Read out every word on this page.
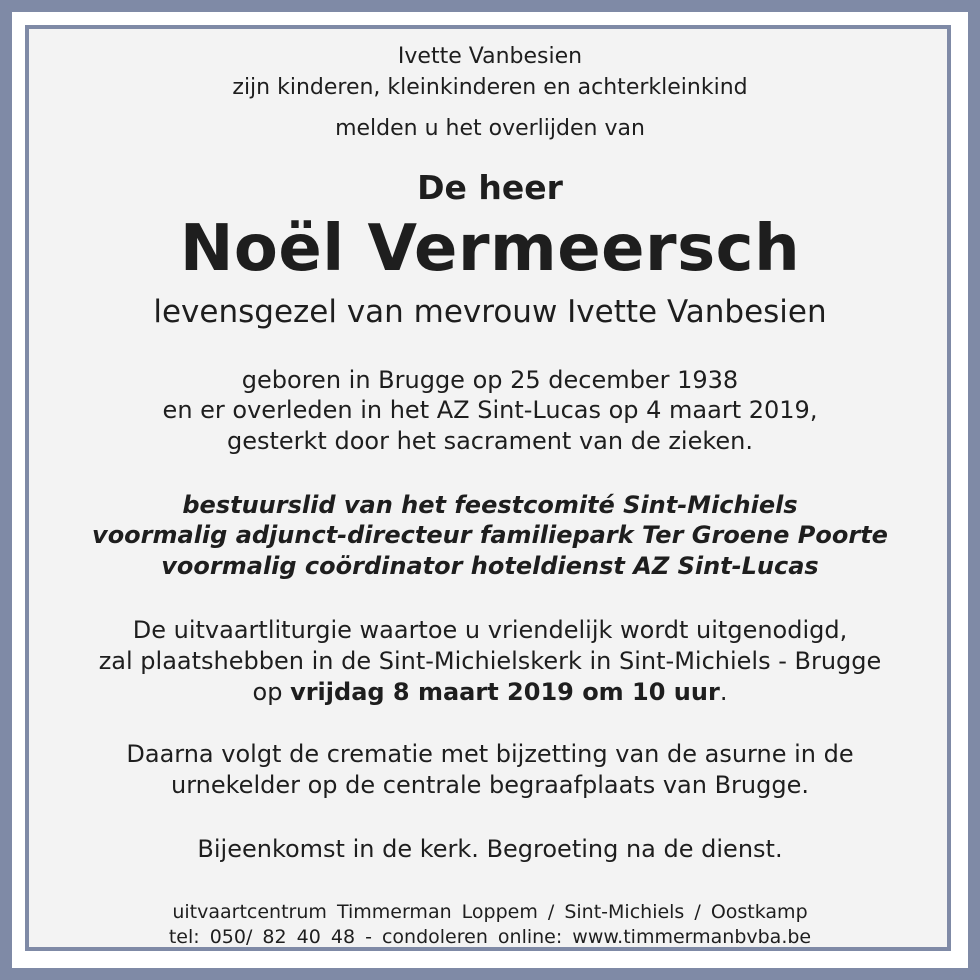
Ivette Vanbesien
zijn kinderen, kleinkinderen en achterkleinkind
melden u het overlijden van
De heer
Noël Vermeersch
levensgezel van mevrouw Ivette Vanbesien
geboren in Brugge op 25 december 1938
en er overleden in het AZ Sint-Lucas op 4 maart 2019,
gesterkt door het sacrament van de zieken.
bestuurslid van het feestcomité Sint-Michiels
voormalig adjunct-directeur familiepark Ter Groene Poorte
voormalig coördinator hoteldienst AZ Sint-Lucas
De uitvaartliturgie waartoe u vriendelijk wordt uitgenodigd,
zal plaatshebben in de Sint-Michielskerk in Sint-Michiels - Brugge
op vrijdag 8 maart 2019 om 10 uur.
Daarna volgt de crematie met bijzetting van de asurne in de
urnekelder op de centrale begraafplaats van Brugge.
Bijeenkomst in de kerk. Begroeting na de dienst.
uitvaartcentrum Timmerman Loppem / Sint-Michiels / Oostkamp
tel: 050/ 82 40 48 - condoleren online: www.timmermanbvba.be
